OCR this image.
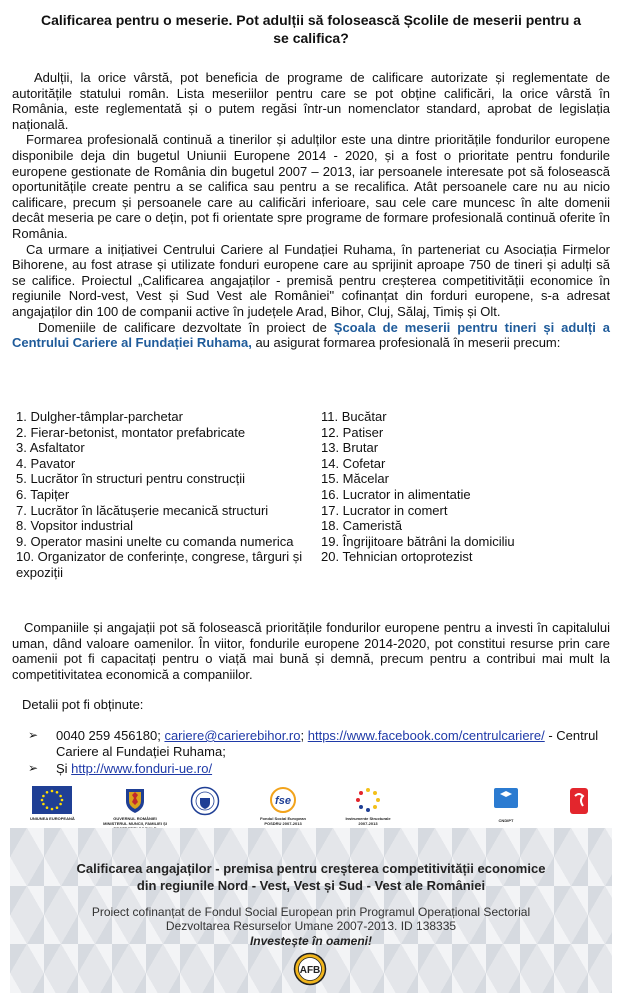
Calificarea pentru o meserie. Pot adulții să folosească Școlile de meserii pentru a se califica?

Adulții, la orice vârstă, pot beneficia de programe de calificare autorizate și reglementate de autoritățile statului român. Lista meseriilor pentru care se pot obține calificări, la orice vârstă în România, este reglementată și o putem regăsi într-un nomenclator standard, aprobat de legislația națională.

Formarea profesională continuă a tinerilor și adulților este una dintre prioritățile fondurilor europene disponibile deja din bugetul Uniunii Europene 2014 - 2020, și a fost o prioritate pentru fondurile europene gestionate de România din bugetul 2007 – 2013, iar persoanele interesate pot să folosească oportunitățile create pentru a se califica sau pentru a se recalifica. Atât persoanele care nu au nicio calificare, precum și persoanele care au calificări inferioare, sau cele care muncesc în alte domenii decât meseria pe care o dețin, pot fi orientate spre programe de formare profesională continuă oferite în România.

Ca urmare a inițiativei Centrului Cariere al Fundației Ruhama, în parteneriat cu Asociația Firmelor Bihorene, au fost atrase și utilizate fonduri europene care au sprijinit aproape 750 de tineri și adulți să se califice. Proiectul „Calificarea angajaților - premisă pentru creșterea competitivității economice în regiunile Nord-vest, Vest și Sud Vest ale României" cofinanțat din forduri europene, s-a adresat angajaților din 100 de companii active în județele Arad, Bihor, Cluj, Sălaj, Timiș și Olt.

Domeniile de calificare dezvoltate în proiect de Școala de meserii pentru tineri și adulți a Centrului Cariere al Fundației Ruhama, au asigurat formarea profesională în meserii precum:

1. Dulgher-tâmplar-parchetar
2. Fierar-betonist, montator prefabricate
3. Asfaltator
4. Pavator
5. Lucrător în structuri pentru construcții
6. Tapițer
7. Lucrător în lăcătușerie mecanică structuri
8. Vopsitor industrial
9. Operator masini unelte cu comanda numerica
10. Organizator de conferințe, congrese, târguri și expoziții
11. Bucătar
12. Patiser
13. Brutar
14. Cofetar
15. Măcelar
16. Lucrator in alimentatie
17. Lucrator in comert
18. Cameristă
19. Îngrijitoare bătrâni la domiciliu
20. Tehnician ortoprotezist

Companiile și angajații pot să folosească prioritățile fondurilor europene pentru a investi în capitalului uman, dând valoare oamenilor. În viitor, fondurile europene 2014-2020, pot constitui resurse prin care oamenii pot fi capacitați pentru o viață mai bună și demnă, precum pentru a contribui mai mult la competitivitatea economică a companiilor.

Detalii pot fi obținute:
➢ 0040 259 456180; cariere@carierebihor.ro; https://www.facebook.com/centrulcariere/ - Centrul Cariere al Fundației Ruhama;
➢ Și http://www.fonduri-ue.ro/
UNIUNEA EUROPEANĂ	GUVERNUL ROMÂNIEI MINISTERUL MUNCII, FAMILIEI ȘI
fse
Fondul Social European POSDRU 2007-2013
Instrumente Structurale 2007-2013
CNDIPT
Calificarea angajaților - premisa pentru creșterea competitivității economice
din regiunile Nord - Vest, Vest și Sud - Vest ale României
Proiect cofinanțat de Fondul Social European prin Programul Operațional Sectorial
Dezvoltarea Resurselor Umane 2007-2013. ID 138335
Investește în oameni!
AFB
